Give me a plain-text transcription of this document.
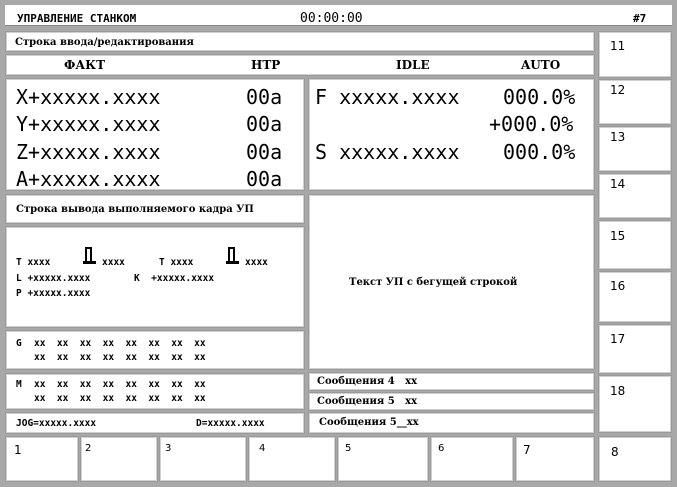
УПРАВЛЕНИЕ СТАНКОМ	00:00:00	#7
Строка ввода/редактирования
ФАКТ	НТР	IDLE	AUTO
X+xxxxx.xxxx	00a
Y+xxxxx.xxxx	00a
Z+xxxxx.xxxx	00a
A+xxxxx.xxxx	00a
F xxxxx.xxxx 000.0%
+000.0%
S xxxxx.xxxx 000.0%
Строка вывода выполняемого кадра УП
T xxxx	xxxx	T xxxx	xxxx
L +xxxxx.xxxx	K  +xxxxx.xxxx
P +xxxxx.xxxx
Текст УП с бегущей строкой
G xx  xx  xx  xx  xx  xx  xx  xx
xx  xx  xx  xx  xx  xx  xx  xx
M xx  xx  xx  xx  xx  xx  xx  xx
xx  xx  xx  xx  xx  xx  xx  xx
JOG=xxxxx.xxxx	D=xxxxx.xxxx
Сообщения 4   xx
Сообщения 5   xx
Сообщения 5__xx
11
12
13
14
15
16
17
18
1	2	3	4	5	6	7	8
